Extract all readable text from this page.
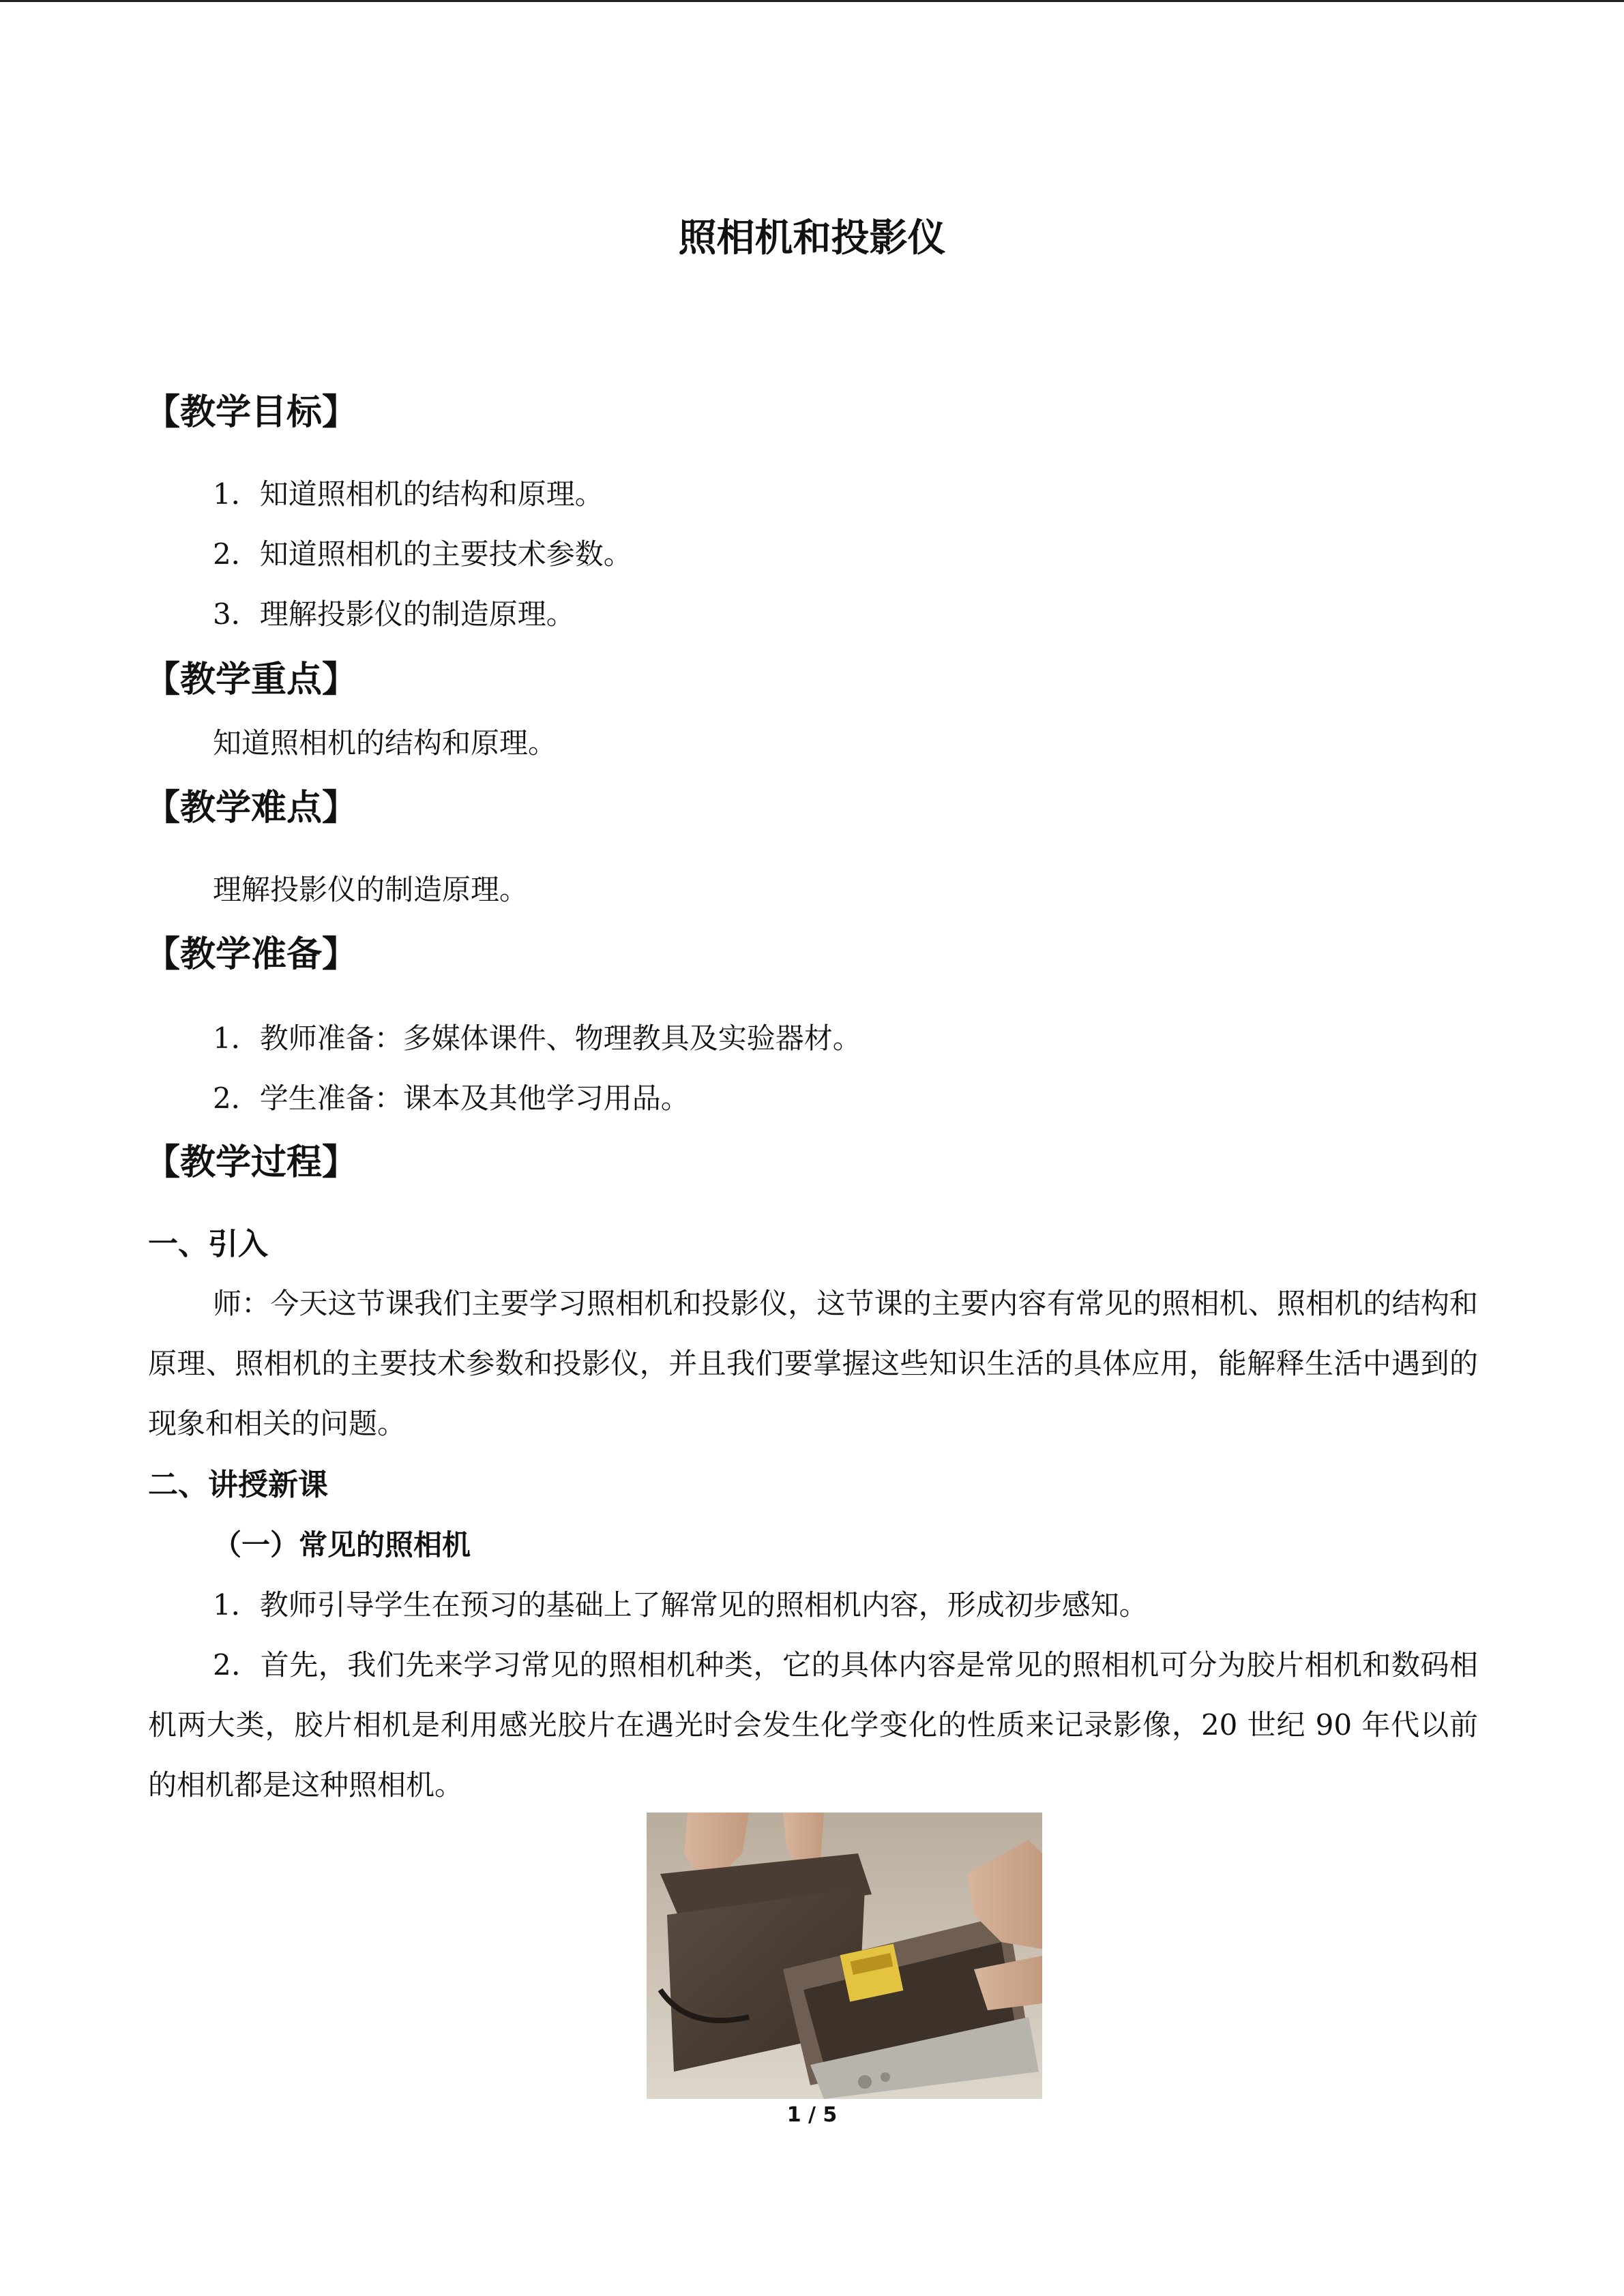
照相机和投影仪
【教学目标】
1．知道照相机的结构和原理。
2．知道照相机的主要技术参数。
3．理解投影仪的制造原理。
【教学重点】
知道照相机的结构和原理。
【教学难点】
理解投影仪的制造原理。
【教学准备】
1．教师准备：多媒体课件、物理教具及实验器材。
2．学生准备：课本及其他学习用品。
【教学过程】
一、引入
师：今天这节课我们主要学习照相机和投影仪，这节课的主要内容有常见的照相机、照相机的结构和原理、照相机的主要技术参数和投影仪，并且我们要掌握这些知识生活的具体应用，能解释生活中遇到的现象和相关的问题。
二、讲授新课
（一）常见的照相机
1．教师引导学生在预习的基础上了解常见的照相机内容，形成初步感知。
2．首先，我们先来学习常见的照相机种类，它的具体内容是常见的照相机可分为胶片相机和数码相机两大类，胶片相机是利用感光胶片在遇光时会发生化学变化的性质来记录影像，20 世纪 90 年代以前的相机都是这种照相机。
1 / 5
